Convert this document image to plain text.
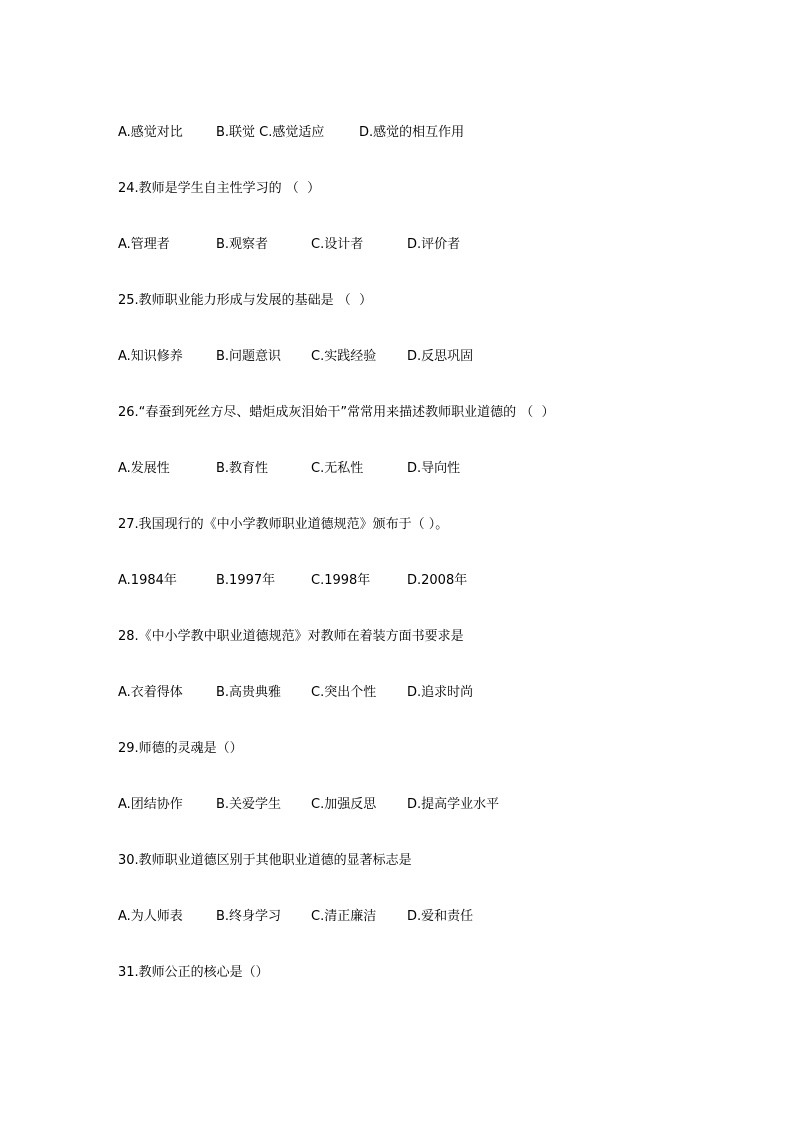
A.感觉对比

	B.联觉 C.感觉适应

	D.感觉的相互作用

24.教师是学生自主性学习的 （  ）

A.管理者

	B.观察者

	C.设计者

	D.评价者

25.教师职业能力形成与发展的基础是 （  ）

A.知识修养

	B.问题意识

C.实践经验

D.反思巩固

26.“春蚕到死丝方尽、蜡炬成灰泪始干”常常用来描述教师职业道德的 （  ）

A.发展性

	B.教育性

	C.无私性

	D.导向性

27.我国现行的《中小学教师职业道德规范》颁布于（ ）。

A.1984年

	B.1997年

	C.1998年

	D.2008年

28.《中小学教中职业道德规范》对教师在着装方面书要求是

A.衣着得体

	B.高贵典雅

C.突出个性

D.追求时尚

29.师德的灵魂是（）

A.团结协作

	B.关爱学生

C.加强反思

D.提高学业水平

30.教师职业道德区别于其他职业道德的显著标志是

A.为人师表

	B.终身学习

C.清正廉洁

D.爱和责任

31.教师公正的核心是（）
